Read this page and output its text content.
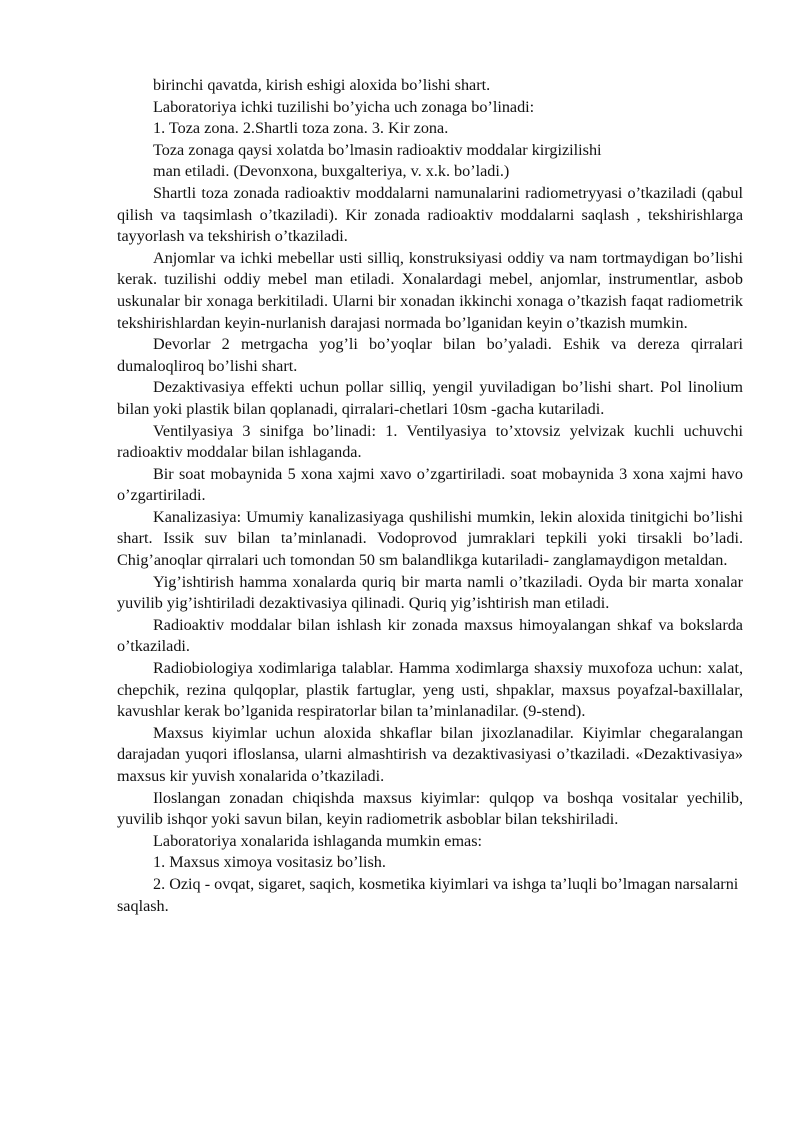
birinchi qavatda, kirish eshigi aloxida bo’lishi shart.

Laboratoriya ichki tuzilishi bo’yicha uch zonaga bo’linadi:

1. Toza zona. 2.Shartli toza zona. 3. Kir zona.

Toza zonaga qaysi xolatda bo’lmasin radioaktiv moddalar kirgizilishi

man etiladi. (Devonxona, buxgalteriya, v. x.k. bo’ladi.)

Shartli toza zonada radioaktiv moddalarni namunalarini radiometryyasi o’tkaziladi (qabul qilish va taqsimlash o’tkaziladi). Kir zonada radioaktiv moddalarni saqlash , tekshirishlarga tayyorlash va tekshirish o’tkaziladi.

Anjomlar va ichki mebellar usti silliq, konstruksiyasi oddiy va nam tortmaydigan bo’lishi kerak. tuzilishi oddiy mebel man etiladi. Xonalardagi mebel, anjomlar, instrumentlar, asbob uskunalar bir xonaga berkitiladi. Ularni bir xonadan ikkinchi xonaga o’tkazish faqat radiometrik tekshirishlardan keyin-nurlanish darajasi normada bo’lganidan keyin o’tkazish mumkin.

Devorlar 2 metrgacha yog’li bo’yoqlar bilan bo’yaladi. Eshik va dereza qirralari dumaloqliroq bo’lishi shart.

Dezaktivasiya effekti uchun pollar silliq, yengil yuviladigan bo’lishi shart. Pol linolium bilan yoki plastik bilan qoplanadi, qirralari-chetlari 10sm -gacha kutariladi.

Ventilyasiya 3 sinifga bo’linadi: 1. Ventilyasiya to’xtovsiz yelvizak kuchli uchuvchi radioaktiv moddalar bilan ishlaganda.

Bir soat mobaynida 5 xona xajmi xavo o’zgartiriladi. soat mobaynida 3 xona xajmi havo o’zgartiriladi.

Kanalizasiya: Umumiy kanalizasiyaga qushilishi mumkin, lekin aloxida tinitgichi bo’lishi shart. Issik suv bilan ta’minlanadi. Vodoprovod jumraklari tepkili yoki tirsakli bo’ladi. Chig’anoqlar qirralari uch tomondan 50 sm balandlikga kutariladi- zanglamaydigon metaldan.

Yig’ishtirish hamma xonalarda quriq bir marta namli o’tkaziladi. Oyda bir marta xonalar yuvilib yig’ishtiriladi dezaktivasiya qilinadi. Quriq yig’ishtirish man etiladi.

Radioaktiv moddalar bilan ishlash kir zonada maxsus himoyalangan shkaf va bokslarda o’tkaziladi.

Radiobiologiya xodimlariga talablar. Hamma xodimlarga shaxsiy muxofoza uchun: xalat, chepchik, rezina qulqoplar, plastik fartuglar, yeng usti, shpaklar, maxsus poyafzal-baxillalar, kavushlar kerak bo’lganida respiratorlar bilan ta’minlanadilar. (9-stend).

Maxsus kiyimlar uchun aloxida shkaflar bilan jixozlanadilar. Kiyimlar chegaralangan darajadan yuqori ifloslansa, ularni almashtirish va dezaktivasiyasi o’tkaziladi. «Dezaktivasiya» maxsus kir yuvish xonalarida o’tkaziladi.

Iloslangan zonadan chiqishda maxsus kiyimlar: qulqop va boshqa vositalar yechilib, yuvilib ishqor yoki savun bilan, keyin radiometrik asboblar bilan tekshiriladi.

Laboratoriya xonalarida ishlaganda mumkin emas:

1. Maxsus ximoya vositasiz bo’lish.

2. Oziq - ovqat, sigaret, saqich, kosmetika kiyimlari va ishga ta’luqli bo’lmagan narsalarni saqlash.
